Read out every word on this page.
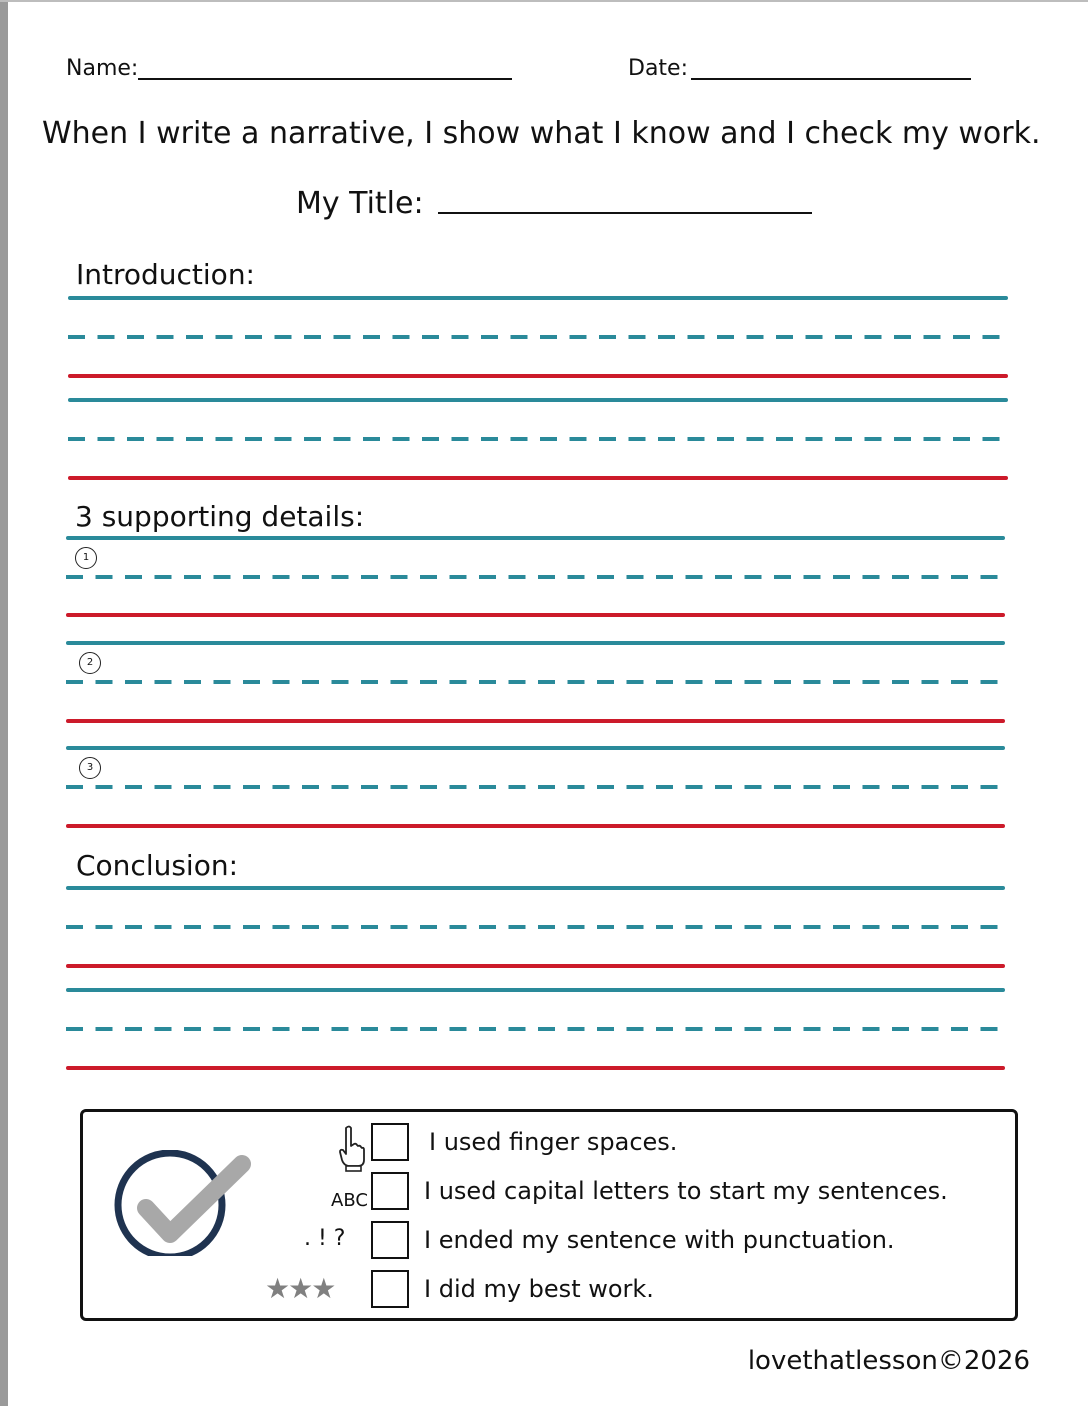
Name:	Date:
When I write a narrative, I show what I know and I check my work.
My Title:
Introduction:
3 supporting details:
1
2
3
Conclusion:
I used finger spaces.
ABC I used capital letters to start my sentences.
. ! ?	I ended my sentence with punctuation.
★★★	I did my best work.
lovethatlesson©2026
